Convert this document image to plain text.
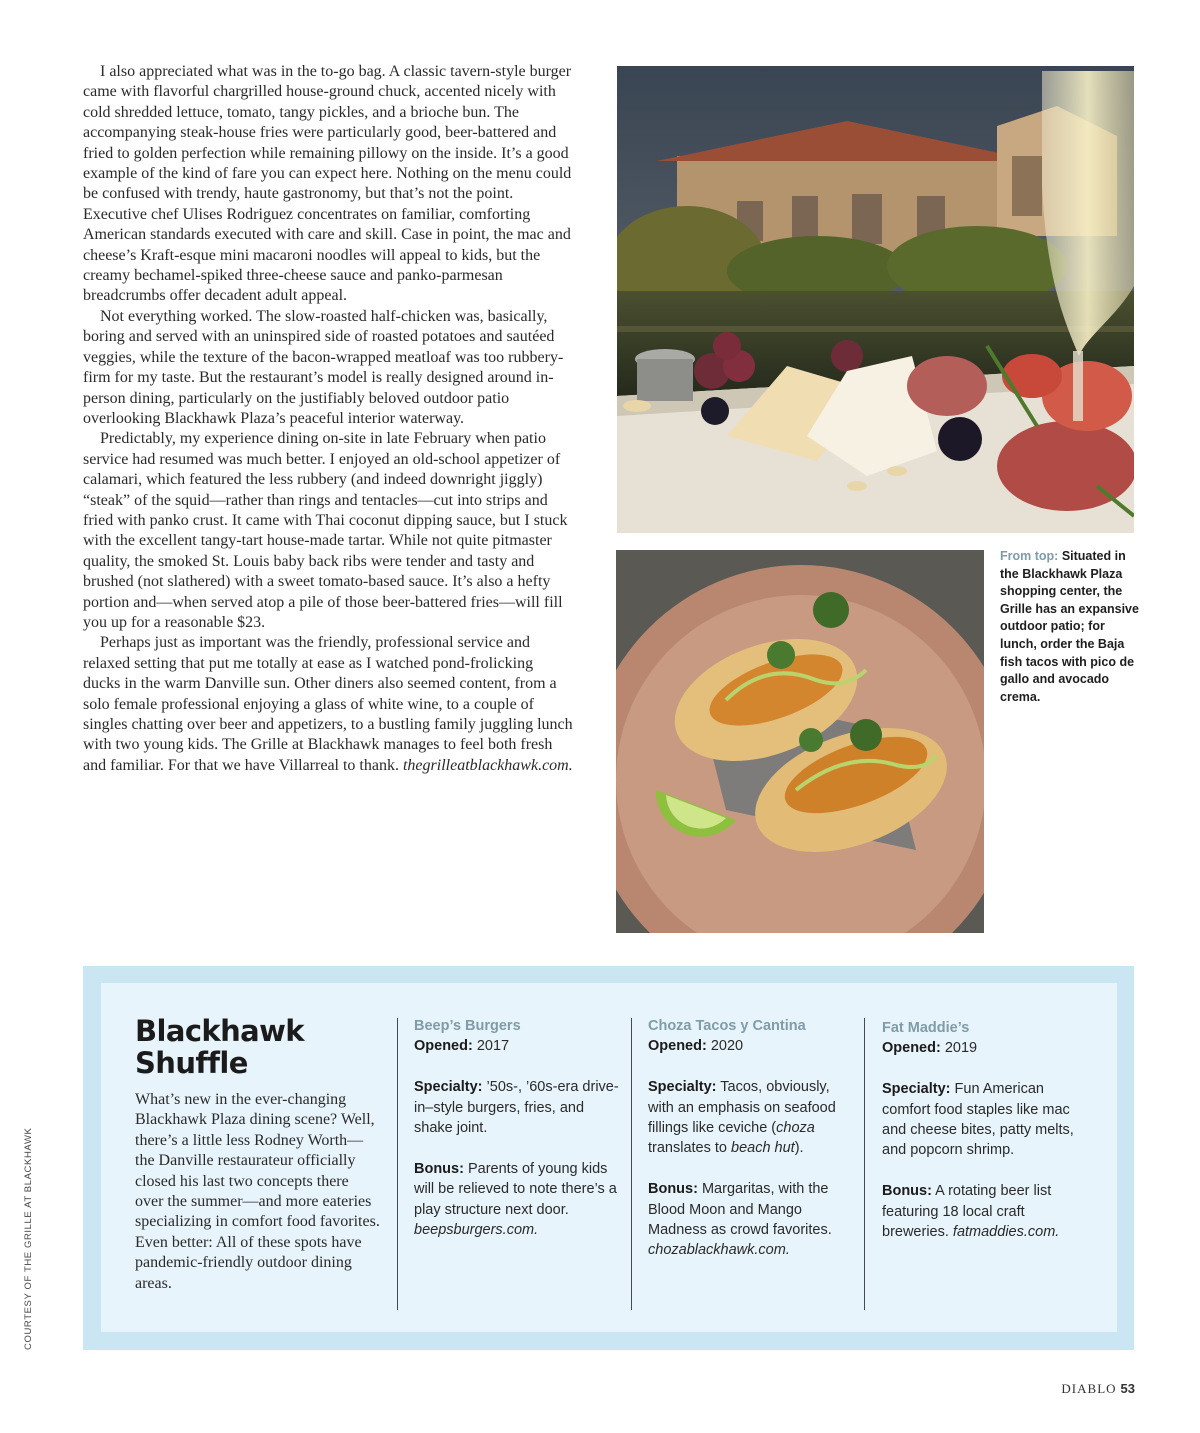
I also appreciated what was in the to-go bag. A classic tavern-style burger came with flavorful chargrilled house-ground chuck, accented nicely with cold shredded lettuce, tomato, tangy pickles, and a brioche bun. The accompanying steak-house fries were particularly good, beer-battered and fried to golden perfection while remaining pillowy on the inside. It’s a good example of the kind of fare you can expect here. Nothing on the menu could be confused with trendy, haute gastronomy, but that’s not the point. Executive chef Ulises Rodriguez concentrates on familiar, comforting American standards executed with care and skill. Case in point, the mac and cheese’s Kraft-esque mini macaroni noodles will appeal to kids, but the creamy bechamel-spiked three-cheese sauce and panko-parmesan breadcrumbs offer decadent adult appeal.

Not everything worked. The slow-roasted half-chicken was, basically, boring and served with an uninspired side of roasted potatoes and sautéed veggies, while the texture of the bacon-wrapped meatloaf was too rubbery-firm for my taste. But the restaurant’s model is really designed around in-person dining, particularly on the justifiably beloved outdoor patio overlooking Blackhawk Plaza’s peaceful interior waterway.

Predictably, my experience dining on-site in late February when patio service had resumed was much better. I enjoyed an old-school appetizer of calamari, which featured the less rubbery (and indeed downright jiggly) “steak” of the squid—rather than rings and tentacles—cut into strips and fried with panko crust. It came with Thai coconut dipping sauce, but I stuck with the excellent tangy-tart house-made tartar. While not quite pitmaster quality, the smoked St. Louis baby back ribs were tender and tasty and brushed (not slathered) with a sweet tomato-based sauce. It’s also a hefty portion and—when served atop a pile of those beer-battered fries—will fill you up for a reasonable $23.

Perhaps just as important was the friendly, professional service and relaxed setting that put me totally at ease as I watched pond-frolicking ducks in the warm Danville sun. Other diners also seemed content, from a solo female professional enjoying a glass of white wine, to a couple of singles chatting over beer and appetizers, to a bustling family juggling lunch with two young kids. The Grille at Blackhawk manages to feel both fresh and familiar. For that we have Villarreal to thank. thegrilleatblackhawk.com.

From top: Situated in the Blackhawk Plaza shopping center, the Grille has an expansive outdoor patio; for lunch, order the Baja fish tacos with pico de gallo and avocado crema.
Blackhawk
Shuffle
What’s new in the ever-changing Blackhawk Plaza dining scene? Well, there’s a little less Rodney Worth—the Danville restaurateur officially closed his last two concepts there over the summer—and more eateries specializing in comfort food favorites. Even better: All of these spots have pandemic-friendly outdoor dining areas.
Beep’s Burgers
Opened: 2017
Specialty: ’50s-, ’60s-era drive-in–style burgers, fries, and shake joint.
Bonus: Parents of young kids will be relieved to note there’s a play structure next door. beepsburgers.com.
Choza Tacos y Cantina
Opened: 2020
Specialty: Tacos, obviously, with an emphasis on seafood fillings like ceviche (choza translates to beach hut).
Bonus: Margaritas, with the Blood Moon and Mango Madness as crowd favorites. chozablackhawk.com.
Fat Maddie’s
Opened: 2019
Specialty: Fun American comfort food staples like mac and cheese bites, patty melts, and popcorn shrimp.
Bonus: A rotating beer list featuring 18 local craft breweries. fatmaddies.com.
COURTESY OF THE GRILLE AT BLACKHAWK
DIABLO 53
